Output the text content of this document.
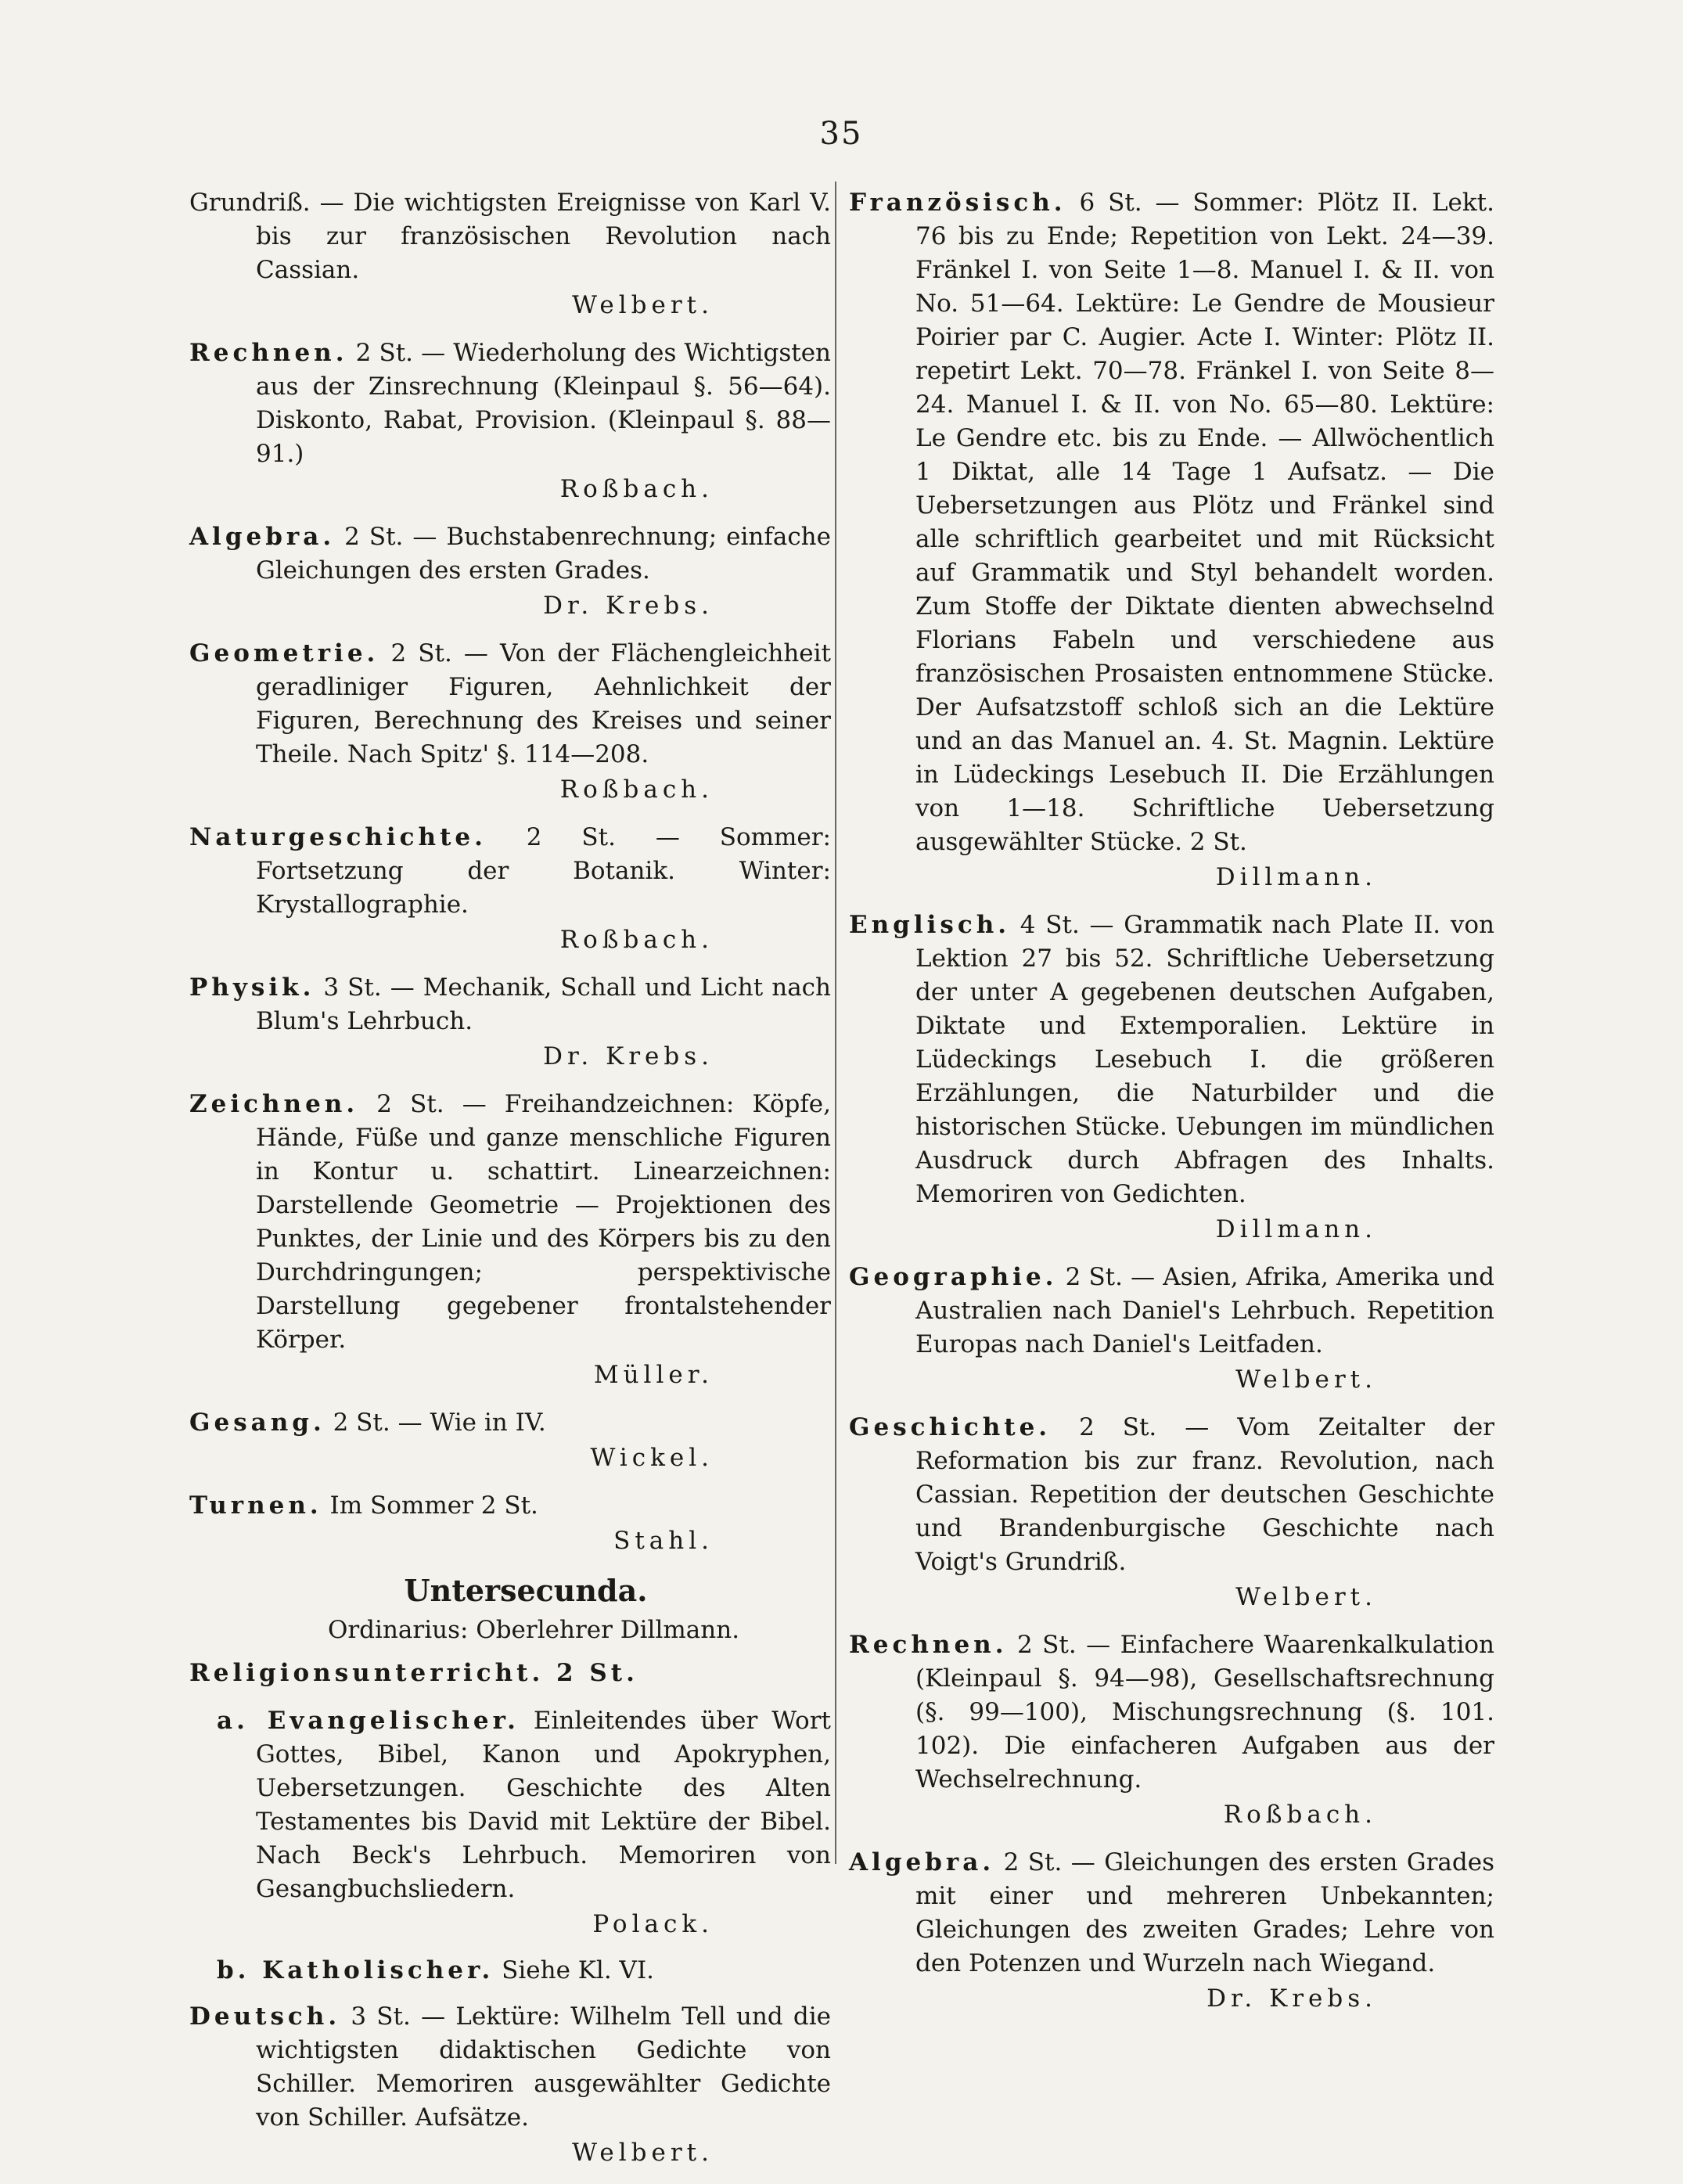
35
Grundriß. — Die wichtigsten Ereignisse von Karl V. bis zur französischen Revolution nach Cassian.
Welbert.
Rechnen. 2 St. — Wiederholung des Wichtigsten aus der Zinsrechnung (Kleinpaul §. 56—64). Diskonto, Rabat, Provision. (Kleinpaul §. 88—91.)
Roßbach.
Algebra. 2 St. — Buchstabenrechnung; einfache Gleichungen des ersten Grades.
Dr. Krebs.
Geometrie. 2 St. — Von der Flächengleichheit geradliniger Figuren, Aehnlichkeit der Figuren, Berechnung des Kreises und seiner Theile. Nach Spitz' §. 114—208.
Roßbach.
Naturgeschichte. 2 St. — Sommer: Fortsetzung der Botanik. Winter: Krystallographie.
Roßbach.
Physik. 3 St. — Mechanik, Schall und Licht nach Blum's Lehrbuch.
Dr. Krebs.
Zeichnen. 2 St. — Freihandzeichnen: Köpfe, Hände, Füße und ganze menschliche Figuren in Kontur u. schattirt. Linearzeichnen: Darstellende Geometrie — Projektionen des Punktes, der Linie und des Körpers bis zu den Durchdringungen; perspektivische Darstellung gegebener frontalstehender Körper.
Müller.
Gesang. 2 St. — Wie in IV.
Wickel.
Turnen. Im Sommer 2 St.
Stahl.
Untersecunda.
Ordinarius: Oberlehrer Dillmann.
Religionsunterricht. 2 St.
a. Evangelischer. Einleitendes über Wort Gottes, Bibel, Kanon und Apokryphen, Uebersetzungen. Geschichte des Alten Testamentes bis David mit Lektüre der Bibel. Nach Beck's Lehrbuch. Memoriren von Gesangbuchsliedern.
Polack.
b. Katholischer. Siehe Kl. VI.
Deutsch. 3 St. — Lektüre: Wilhelm Tell und die wichtigsten didaktischen Gedichte von Schiller. Memoriren ausgewählter Gedichte von Schiller. Aufsätze.
Welbert.
Französisch. 6 St. — Sommer: Plötz II. Lekt. 76 bis zu Ende; Repetition von Lekt. 24—39. Fränkel I. von Seite 1—8. Manuel I. & II. von No. 51—64. Lektüre: Le Gendre de Mousieur Poirier par C. Augier. Acte I. Winter: Plötz II. repetirt Lekt. 70—78. Fränkel I. von Seite 8—24. Manuel I. & II. von No. 65—80. Lektüre: Le Gendre etc. bis zu Ende. — Allwöchentlich 1 Diktat, alle 14 Tage 1 Aufsatz. — Die Uebersetzungen aus Plötz und Fränkel sind alle schriftlich gearbeitet und mit Rücksicht auf Grammatik und Styl behandelt worden. Zum Stoffe der Diktate dienten abwechselnd Florians Fabeln und verschiedene aus französischen Prosaisten entnommene Stücke. Der Aufsatzstoff schloß sich an die Lektüre und an das Manuel an. 4. St. Magnin. Lektüre in Lüdeckings Lesebuch II. Die Erzählungen von 1—18. Schriftliche Uebersetzung ausgewählter Stücke. 2 St.
Dillmann.
Englisch. 4 St. — Grammatik nach Plate II. von Lektion 27 bis 52. Schriftliche Uebersetzung der unter A gegebenen deutschen Aufgaben, Diktate und Extemporalien. Lektüre in Lüdeckings Lesebuch I. die größeren Erzählungen, die Naturbilder und die historischen Stücke. Uebungen im mündlichen Ausdruck durch Abfragen des Inhalts. Memoriren von Gedichten.
Dillmann.
Geographie. 2 St. — Asien, Afrika, Amerika und Australien nach Daniel's Lehrbuch. Repetition Europas nach Daniel's Leitfaden.
Welbert.
Geschichte. 2 St. — Vom Zeitalter der Reformation bis zur franz. Revolution, nach Cassian. Repetition der deutschen Geschichte und Brandenburgische Geschichte nach Voigt's Grundriß.
Welbert.
Rechnen. 2 St. — Einfachere Waarenkalkulation (Kleinpaul §. 94—98), Gesellschaftsrechnung (§. 99—100), Mischungsrechnung (§. 101. 102). Die einfacheren Aufgaben aus der Wechselrechnung.
Roßbach.
Algebra. 2 St. — Gleichungen des ersten Grades mit einer und mehreren Unbekannten; Gleichungen des zweiten Grades; Lehre von den Potenzen und Wurzeln nach Wiegand.
Dr. Krebs.
